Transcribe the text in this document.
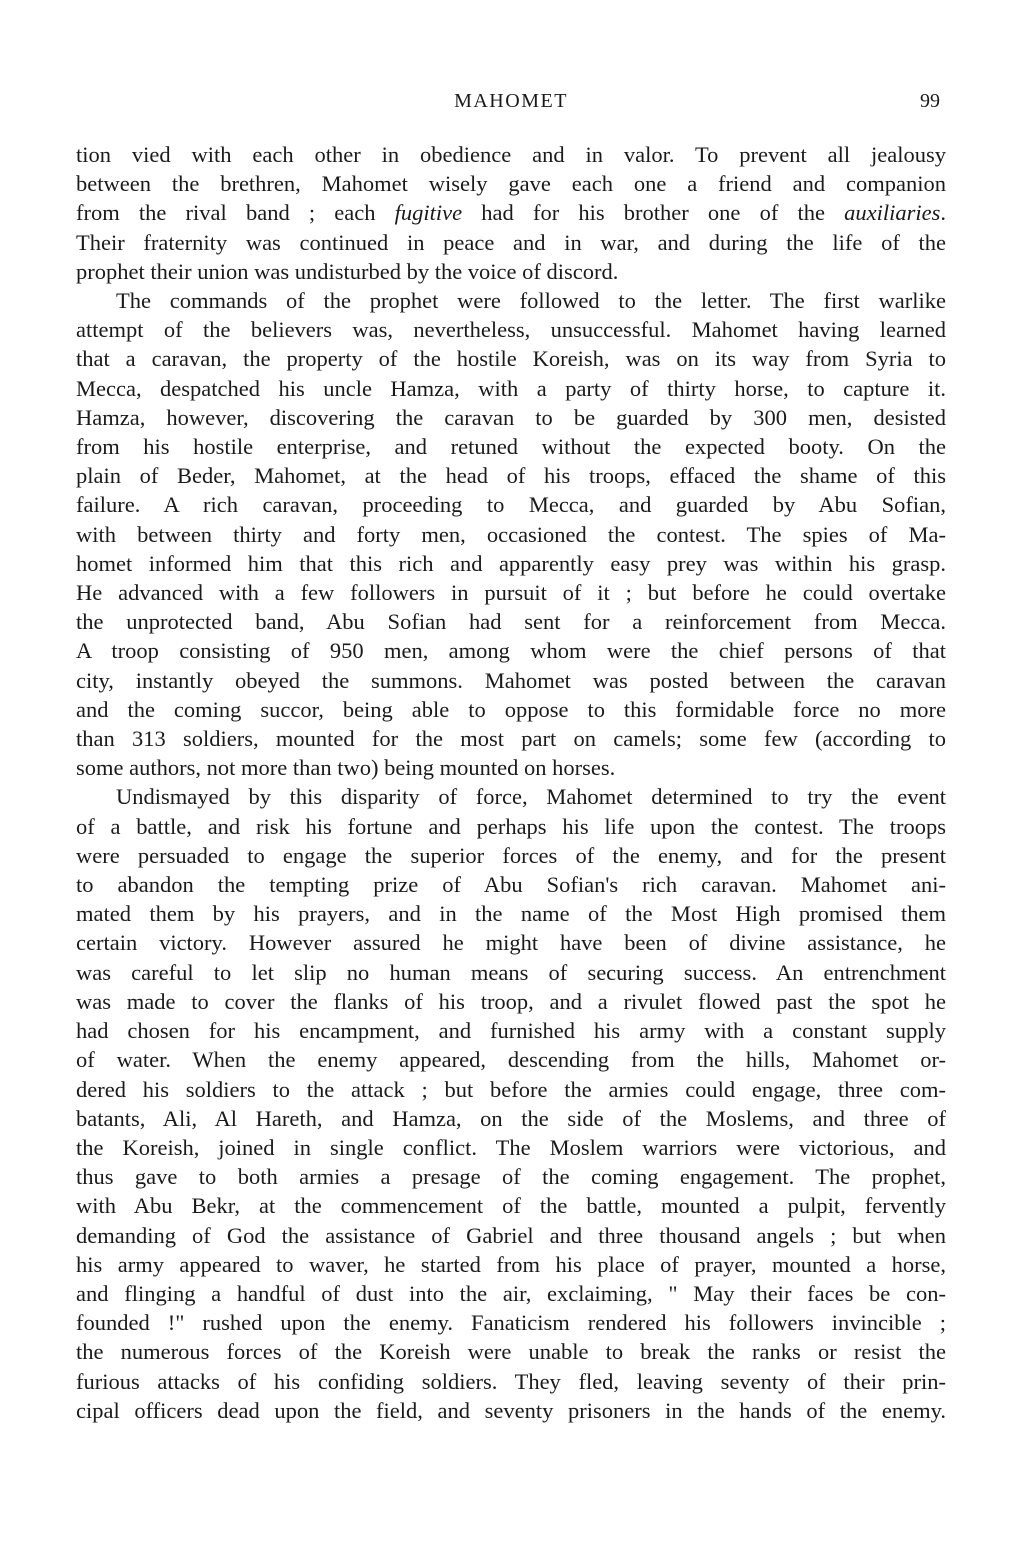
MAHOMET	99
tion vied with each other in obedience and in valor. To prevent all jealousy
between the brethren, Mahomet wisely gave each one a friend and companion
from the rival band ; each fugitive had for his brother one of the auxiliaries.
Their fraternity was continued in peace and in war, and during the life of the
prophet their union was undisturbed by the voice of discord.
The commands of the prophet were followed to the letter. The first warlike
attempt of the believers was, nevertheless, unsuccessful. Mahomet having learned
that a caravan, the property of the hostile Koreish, was on its way from Syria to
Mecca, despatched his uncle Hamza, with a party of thirty horse, to capture it.
Hamza, however, discovering the caravan to be guarded by 300 men, desisted
from his hostile enterprise, and retuned without the expected booty. On the
plain of Beder, Mahomet, at the head of his troops, effaced the shame of this
failure. A rich caravan, proceeding to Mecca, and guarded by Abu Sofian,
with between thirty and forty men, occasioned the contest. The spies of Ma-
homet informed him that this rich and apparently easy prey was within his grasp.
He advanced with a few followers in pursuit of it ; but before he could overtake
the unprotected band, Abu Sofian had sent for a reinforcement from Mecca.
A troop consisting of 950 men, among whom were the chief persons of that
city, instantly obeyed the summons. Mahomet was posted between the caravan
and the coming succor, being able to oppose to this formidable force no more
than 313 soldiers, mounted for the most part on camels; some few (according to
some authors, not more than two) being mounted on horses.
Undismayed by this disparity of force, Mahomet determined to try the event
of a battle, and risk his fortune and perhaps his life upon the contest. The troops
were persuaded to engage the superior forces of the enemy, and for the present
to abandon the tempting prize of Abu Sofian's rich caravan. Mahomet ani-
mated them by his prayers, and in the name of the Most High promised them
certain victory. However assured he might have been of divine assistance, he
was careful to let slip no human means of securing success. An entrenchment
was made to cover the flanks of his troop, and a rivulet flowed past the spot he
had chosen for his encampment, and furnished his army with a constant supply
of water. When the enemy appeared, descending from the hills, Mahomet or-
dered his soldiers to the attack ; but before the armies could engage, three com-
batants, Ali, Al Hareth, and Hamza, on the side of the Moslems, and three of
the Koreish, joined in single conflict. The Moslem warriors were victorious, and
thus gave to both armies a presage of the coming engagement. The prophet,
with Abu Bekr, at the commencement of the battle, mounted a pulpit, fervently
demanding of God the assistance of Gabriel and three thousand angels ; but when
his army appeared to waver, he started from his place of prayer, mounted a horse,
and flinging a handful of dust into the air, exclaiming, " May their faces be con-
founded !" rushed upon the enemy. Fanaticism rendered his followers invincible ;
the numerous forces of the Koreish were unable to break the ranks or resist the
furious attacks of his confiding soldiers. They fled, leaving seventy of their prin-
cipal officers dead upon the field, and seventy prisoners in the hands of the enemy.
